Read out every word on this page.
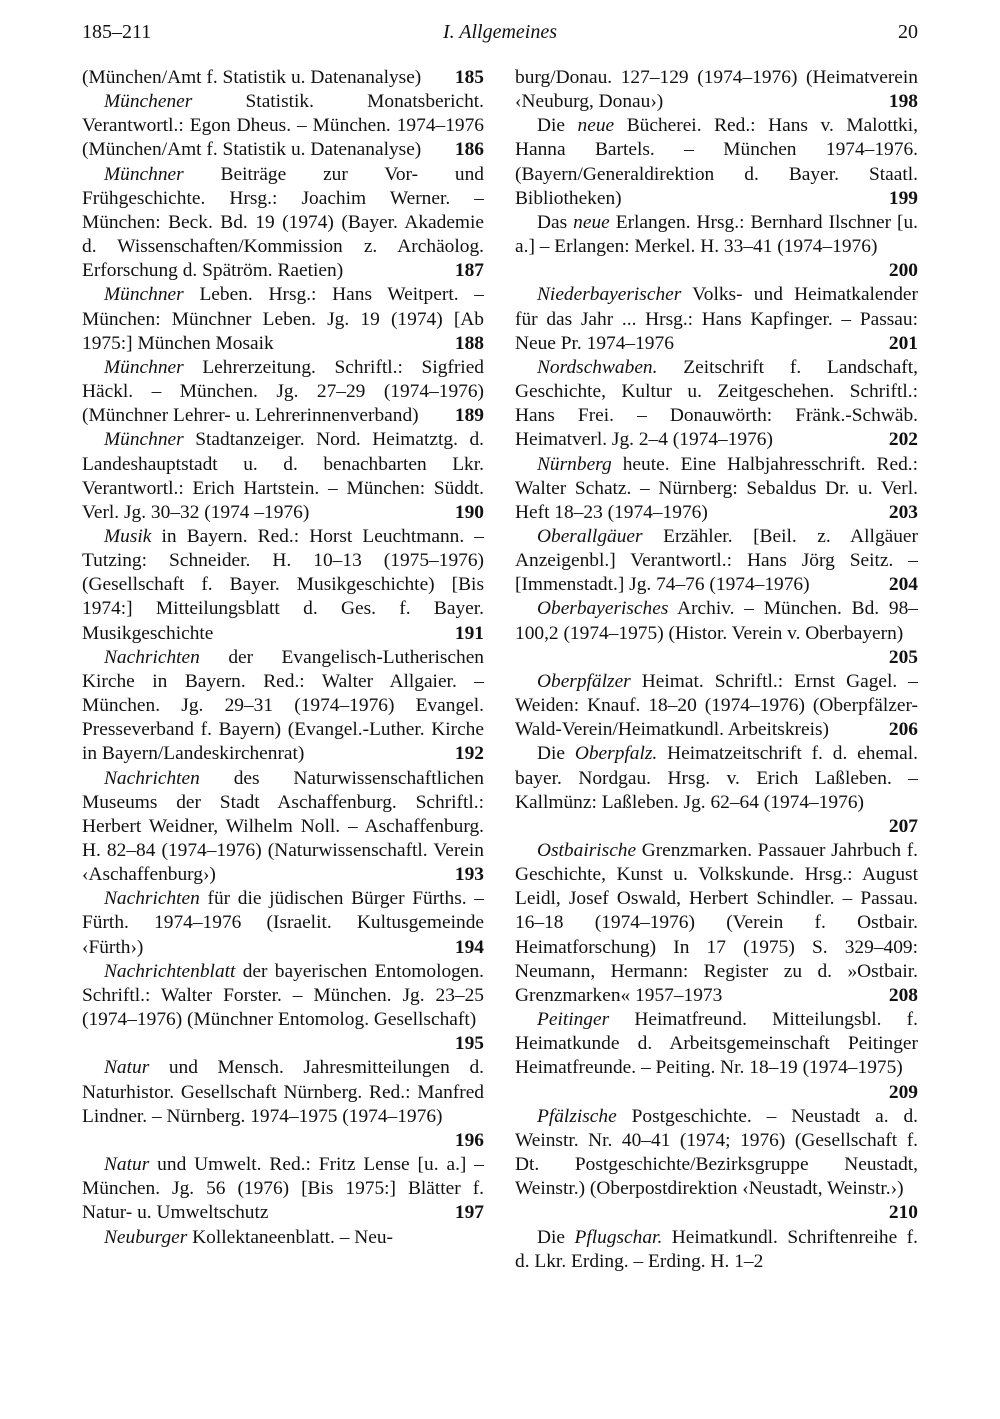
185–211	I. Allgemeines	20

(München/Amt f. Statistik u. Datenanalyse) 185

Münchener Statistik. Monatsbericht. Verantwortl.: Egon Dheus. – München. 1974–1976 (München/Amt f. Statistik u. Datenanalyse)	186

Münchner Beiträge zur Vor- und Frühgeschichte. Hrsg.: Joachim Werner. – München: Beck. Bd. 19 (1974) (Bayer. Akademie d. Wissenschaften/Kommission z. Archäolog. Erforschung d. Spätröm. Raetien)	187

Münchner Leben. Hrsg.: Hans Weitpert. – München: Münchner Leben. Jg. 19 (1974) [Ab 1975:] München Mosaik	188

Münchner Lehrerzeitung. Schriftl.: Sigfried Häckl. – München. Jg. 27–29 (1974–1976) (Münchner Lehrer- u. Lehrerinnenverband)	189

Münchner Stadtanzeiger. Nord. Heimatztg. d. Landeshauptstadt u. d. benachbarten Lkr. Verantwortl.: Erich Hartstein. – München: Süddt. Verl. Jg. 30–32 (1974 –1976)	190

Musik in Bayern. Red.: Horst Leuchtmann. – Tutzing: Schneider. H. 10–13 (1975–1976) (Gesellschaft f. Bayer. Musikgeschichte) [Bis 1974:] Mitteilungsblatt d. Ges. f. Bayer. Musikgeschichte	191

Nachrichten der Evangelisch-Lutherischen Kirche in Bayern. Red.: Walter Allgaier. – München. Jg. 29–31 (1974–1976) Evangel. Presseverband f. Bayern) (Evangel.-Luther. Kirche in Bayern/Landeskirchenrat)	192

Nachrichten des Naturwissenschaftlichen Museums der Stadt Aschaffenburg. Schriftl.: Herbert Weidner, Wilhelm Noll. – Aschaffenburg. H. 82–84 (1974–1976) (Naturwissenschaftl. Verein ‹Aschaffenburg›)	193

Nachrichten für die jüdischen Bürger Fürths. – Fürth. 1974–1976 (Israelit. Kultusgemeinde ‹Fürth›)	194

Nachrichtenblatt der bayerischen Entomologen. Schriftl.: Walter Forster. – München. Jg. 23–25 (1974–1976) (Münchner Entomolog. Gesellschaft)
195

Natur und Mensch. Jahresmitteilungen d. Naturhistor. Gesellschaft Nürnberg. Red.: Manfred Lindner. – Nürnberg. 1974–1975 (1974–1976)
196

Natur und Umwelt. Red.: Fritz Lense [u. a.] – München. Jg. 56 (1976) [Bis 1975:] Blätter f. Natur- u. Umweltschutz	197

Neuburger Kollektaneenblatt. – Neu-

burg/Donau. 127–129 (1974–1976) (Heimatverein ‹Neuburg, Donau›)	198

Die neue Bücherei. Red.: Hans v. Malottki, Hanna Bartels. – München 1974–1976. (Bayern/Generaldirektion d. Bayer. Staatl. Bibliotheken)	199

Das neue Erlangen. Hrsg.: Bernhard Ilschner [u. a.] – Erlangen: Merkel. H. 33–41 (1974–1976)
200

Niederbayerischer Volks- und Heimatkalender für das Jahr ... Hrsg.: Hans Kapfinger. – Passau: Neue Pr. 1974–1976	201

Nordschwaben. Zeitschrift f. Landschaft, Geschichte, Kultur u. Zeitgeschehen. Schriftl.: Hans Frei. – Donauwörth: Fränk.-Schwäb. Heimatverl. Jg. 2–4 (1974–1976)	202

Nürnberg heute. Eine Halbjahresschrift. Red.: Walter Schatz. – Nürnberg: Sebaldus Dr. u. Verl. Heft 18–23 (1974–1976)	203

Oberallgäuer Erzähler. [Beil. z. Allgäuer Anzeigenbl.] Verantwortl.: Hans Jörg Seitz. – [Immenstadt.] Jg. 74–76 (1974–1976)	204

Oberbayerisches Archiv. – München. Bd. 98–100,2 (1974–1975) (Histor. Verein v. Oberbayern)
205

Oberpfälzer Heimat. Schriftl.: Ernst Gagel. – Weiden: Knauf. 18–20 (1974–1976) (Oberpfälzer-Wald-Verein/Heimatkundl. Arbeitskreis)	206

Die Oberpfalz. Heimatzeitschrift f. d. ehemal. bayer. Nordgau. Hrsg. v. Erich Laßleben. – Kallmünz: Laßleben. Jg. 62–64 (1974–1976)
207

Ostbairische Grenzmarken. Passauer Jahrbuch f. Geschichte, Kunst u. Volkskunde. Hrsg.: August Leidl, Josef Oswald, Herbert Schindler. – Passau. 16–18 (1974–1976) (Verein f. Ostbair. Heimatforschung) In 17 (1975) S. 329–409: Neumann, Hermann: Register zu d. »Ostbair. Grenzmarken« 1957–1973	208

Peitinger Heimatfreund. Mitteilungsbl. f. Heimatkunde d. Arbeitsgemeinschaft Peitinger Heimatfreunde. – Peiting. Nr. 18–19 (1974–1975)
209

Pfälzische Postgeschichte. – Neustadt a. d. Weinstr. Nr. 40–41 (1974; 1976) (Gesellschaft f. Dt. Postgeschichte/Bezirksgruppe Neustadt, Weinstr.) (Oberpostdirektion ‹Neustadt, Weinstr.›)
210

Die Pflugschar. Heimatkundl. Schriftenreihe f. d. Lkr. Erding. – Erding. H. 1–2
